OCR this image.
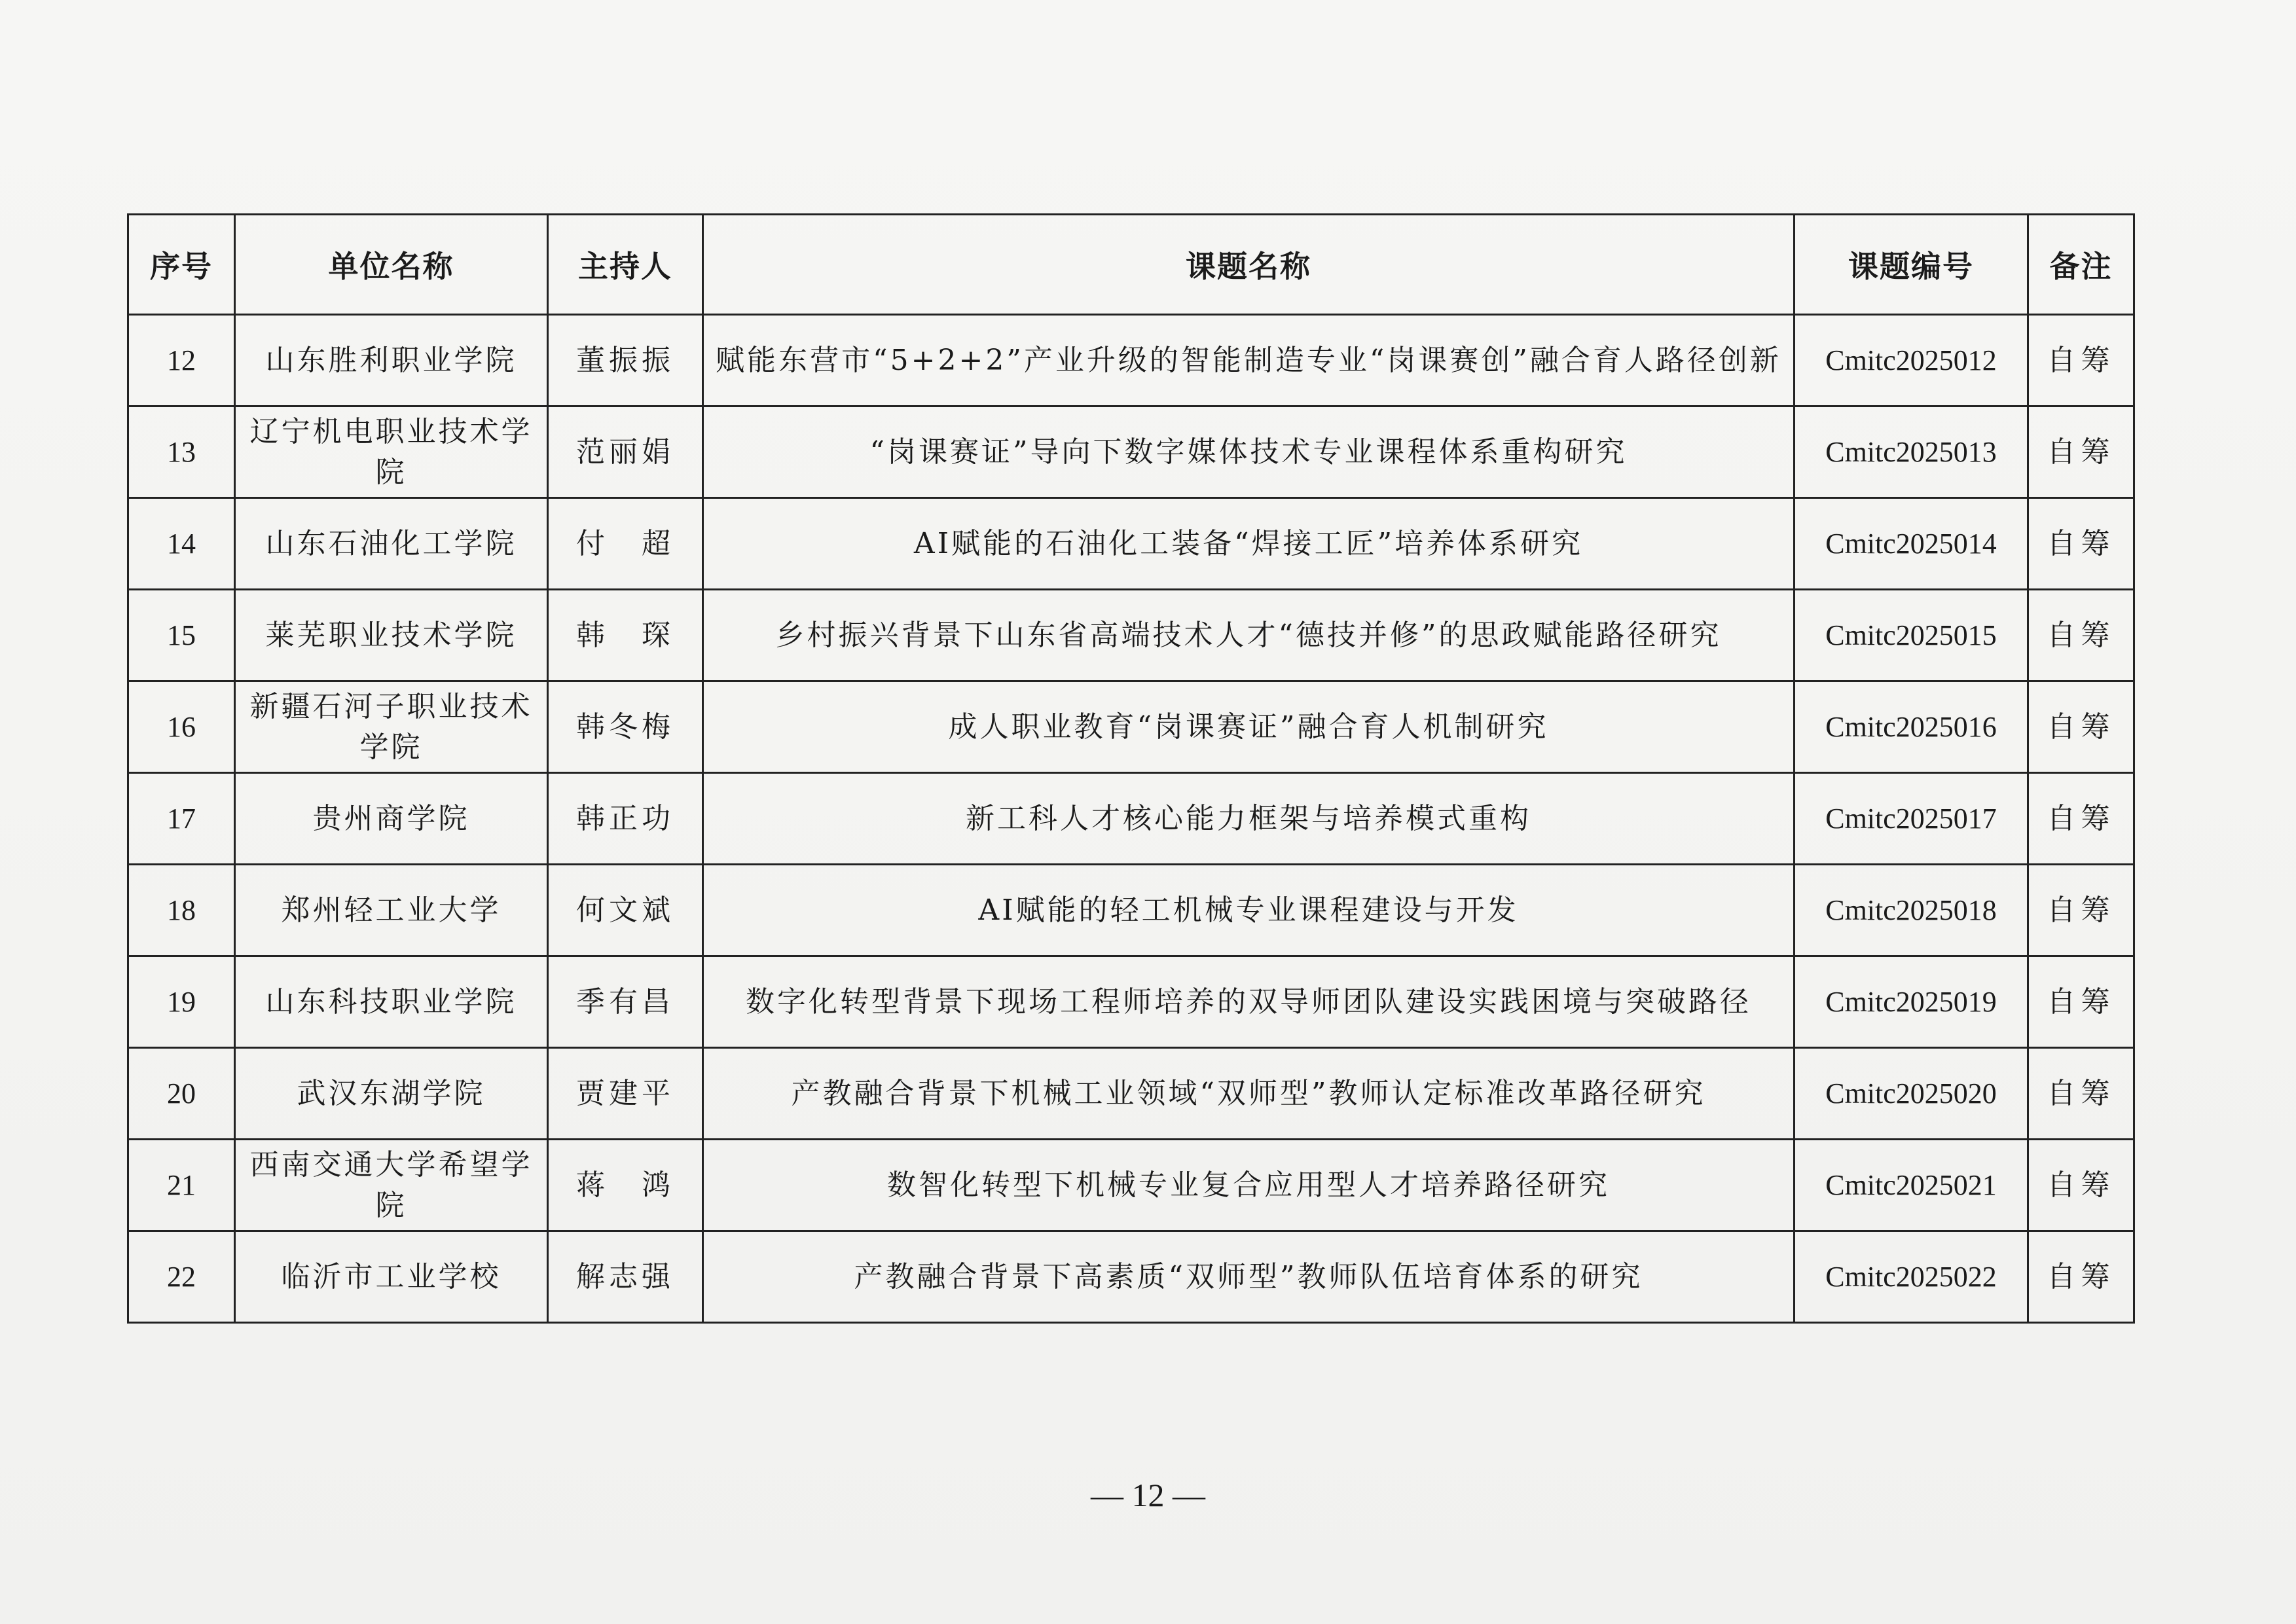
序号	单位名称	主持人	课题名称	课题编号	备注
12	山东胜利职业学院	董振振	赋能东营市“5+2+2”产业升级的智能制造专业“岗课赛创”融合育人路径创新	Cmitc2025012	自筹
13	辽宁机电职业技术学院	范丽娟	“岗课赛证”导向下数字媒体技术专业课程体系重构研究	Cmitc2025013	自筹
14	山东石油化工学院	付　超	AI赋能的石油化工装备“焊接工匠”培养体系研究	Cmitc2025014	自筹
15	莱芜职业技术学院	韩　琛	乡村振兴背景下山东省高端技术人才“德技并修”的思政赋能路径研究	Cmitc2025015	自筹
16	新疆石河子职业技术学院	韩冬梅	成人职业教育“岗课赛证”融合育人机制研究	Cmitc2025016	自筹
17	贵州商学院	韩正功	新工科人才核心能力框架与培养模式重构	Cmitc2025017	自筹
18	郑州轻工业大学	何文斌	AI赋能的轻工机械专业课程建设与开发	Cmitc2025018	自筹
19	山东科技职业学院	季有昌	数字化转型背景下现场工程师培养的双导师团队建设实践困境与突破路径	Cmitc2025019	自筹
20	武汉东湖学院	贾建平	产教融合背景下机械工业领域“双师型”教师认定标准改革路径研究	Cmitc2025020	自筹
21	西南交通大学希望学院	蒋　鸿	数智化转型下机械专业复合应用型人才培养路径研究	Cmitc2025021	自筹
22	临沂市工业学校	解志强	产教融合背景下高素质“双师型”教师队伍培育体系的研究	Cmitc2025022	自筹
— 12 —
